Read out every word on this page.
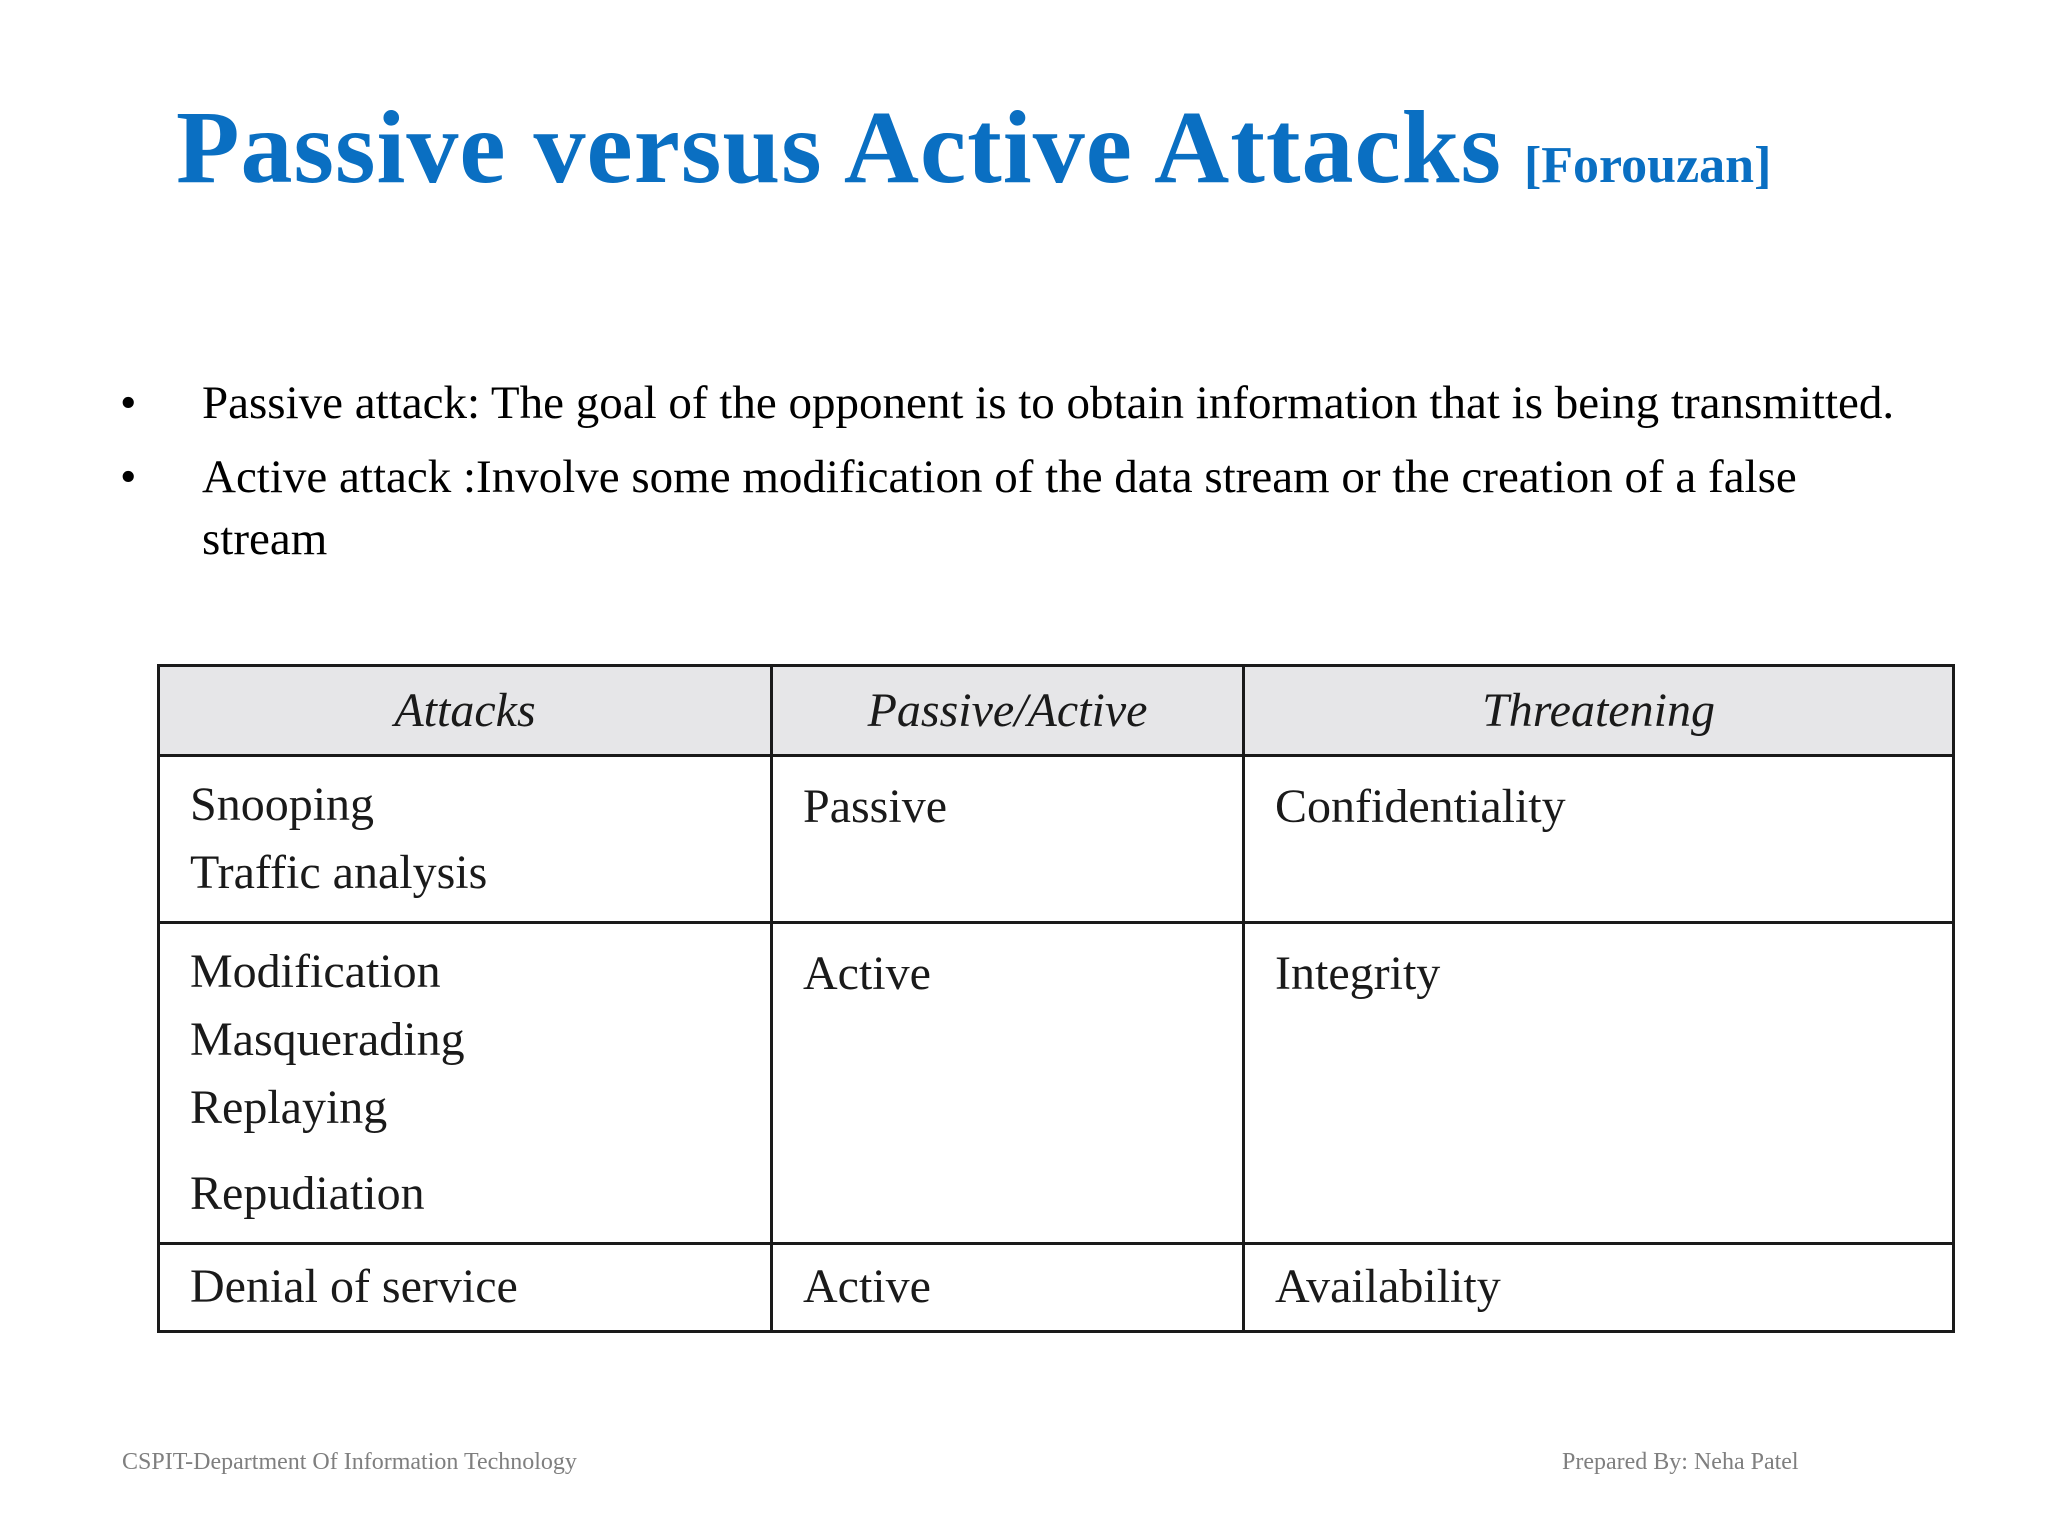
Passive versus Active Attacks [Forouzan]
• Passive attack: The goal of the opponent is to obtain information that is being transmitted.
• Active attack :Involve some modification of the data stream or the creation of a false stream
Attacks	Passive/Active	Threatening

Snooping
Traffic analysis	Passive	Confidentiality

Modification
Masquerading
Replaying
Repudiation	Active	Integrity

Denial of service	Active	Availability
CSPIT-Department Of Information Technology	Prepared By: Neha Patel
